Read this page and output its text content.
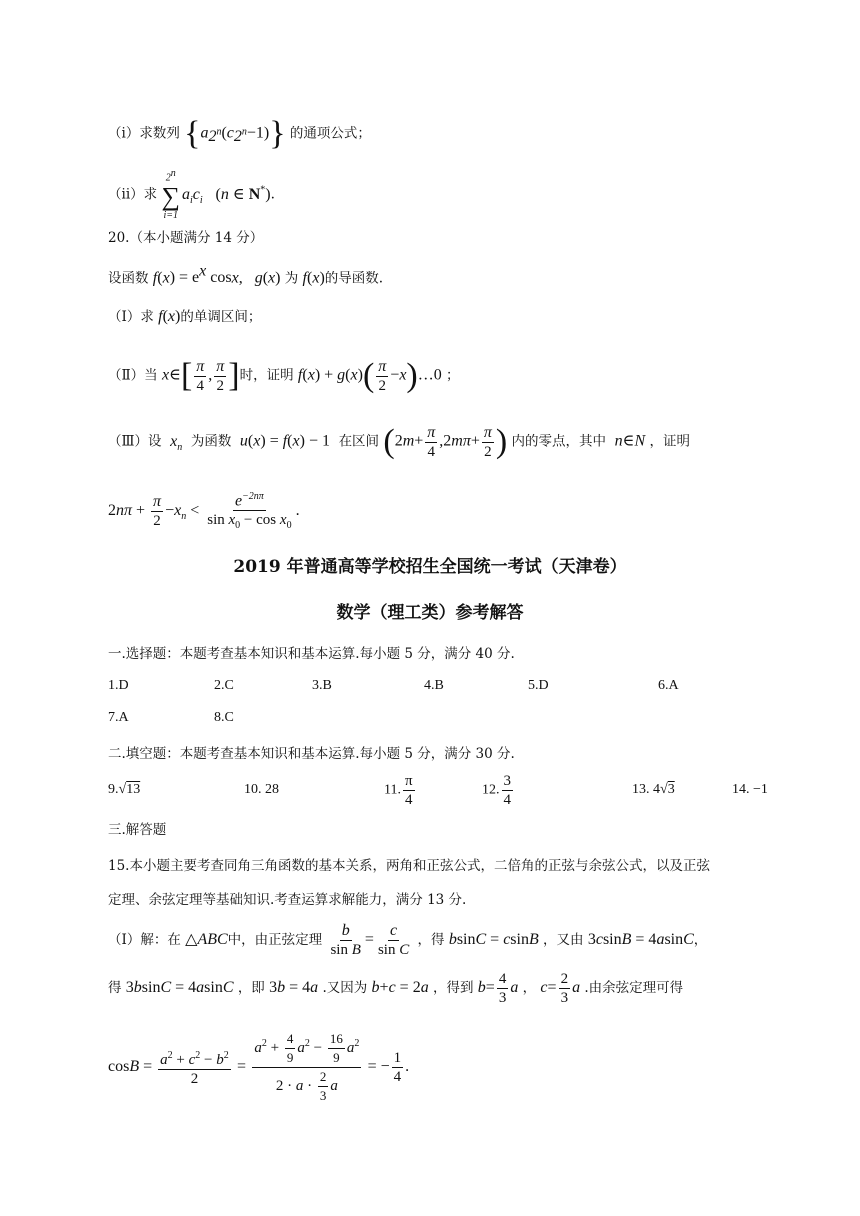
（i）求数列 $\{a_{2^n}(c_{2^n}-1)\}$ 的通项公式；
（ii）求
2$^n$
∑
i=1
$a_ic_i$ (n ∈ N*).
20.（本小题满分 14 分）
设函数 $f(x) = e^x$ cosx,   g(x) 为 f(x)的导函数.
（Ⅰ）求 f(x)的单调区间；
（Ⅱ）当 x∈[ $\frac{\pi}{4}$ , $\frac{\pi}{2}$ ]时，证明 $f(x) + g(x)( \frac{\pi}{2}$ −x)…0 ；
（Ⅲ）设 $x_n$ 为函数 u(x) = f(x) − 1 在区间 ($2m+ \frac{\pi}{4} ,2m\pi+ \frac{\pi}{2}$ ) 内的零点，其中 n∈N ，证明
$2n\pi + \frac{\pi}{2} -x_n < \frac{e^{-2n\pi}}{\sin x_0 - \cos x_0}$ .
2019 年普通高等学校招生全国统一考试（天津卷）
数学（理工类）参考解答
一.选择题：本题考查基本知识和基本运算.每小题 5 分，满分 40 分.
1.D	2.C	3.B	4.B	5.D	6.A
7.A	8.C
二.填空题：本题考查基本知识和基本运算.每小题 5 分，满分 30 分.
9.√13	10. 28	11. $\frac{\pi}{4}$	12. $\frac{3}{4}$	13. 4√3	14. −1
三.解答题
15.本小题主要考查同角三角函数的基本关系，两角和正弦公式，二倍角的正弦与余弦公式，以及正弦
定理、余弦定理等基础知识.考查运算求解能力，满分 13 分.
（Ⅰ）解：在 △ABC中，由正弦定理 $\frac{b}{\text{sin B}} = \frac{c}{\text{sin C}}$ ，得 bsinC = csinB ，又由 3csinB = 4asinC，
得 3bsinC = 4asinC ，即 3b = 4a .又因为 b+c = 2a ，得到 $b= \frac{4}{3}$ a ， $c= \frac{2}{3}$ a .由余弦定理可得
$\cos B = \frac{a^2 + c^2 - b^2}{2} = \frac{a^2 + \frac{4}{9} a^2 - \frac{16}{9} a^2}{2 \cdot a \cdot \frac{2}{3} a}$ = − $\frac{1}{4}$ .
